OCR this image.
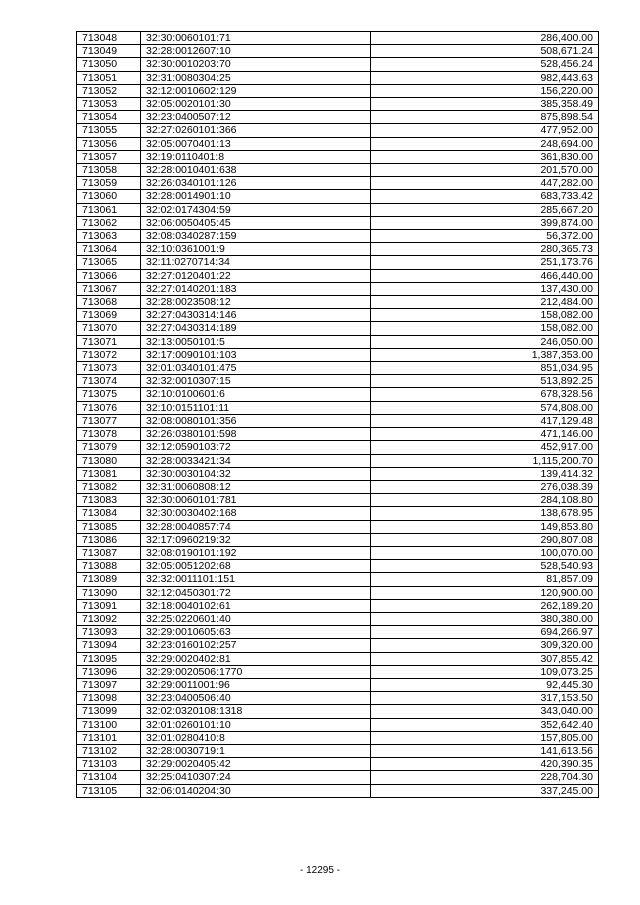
713048	32:30:0060101:71	286,400.00
713049	32:28:0012607:10	508,671.24
713050	32:30:0010203:70	528,456.24
713051	32:31:0080304:25	982,443.63
713052	32:12:0010602:129	156,220.00
713053	32:05:0020101:30	385,358.49
713054	32:23:0400507:12	875,898.54
713055	32:27:0260101:366	477,952.00
713056	32:05:0070401:13	248,694.00
713057	32:19:0110401:8	361,830.00
713058	32:28:0010401:638	201,570.00
713059	32:26:0340101:126	447,282.00
713060	32:28:0014901:10	683,733.42
713061	32:02:0174304:59	285,667.20
713062	32:06:0050405:45	399,874.00
713063	32:08:0340287:159	56,372.00
713064	32:10:0361001:9	280,365.73
713065	32:11:0270714:34	251,173.76
713066	32:27:0120401:22	466,440.00
713067	32:27:0140201:183	137,430.00
713068	32:28:0023508:12	212,484.00
713069	32:27:0430314:146	158,082.00
713070	32:27:0430314:189	158,082.00
713071	32:13:0050101:5	246,050.00
713072	32:17:0090101:103	1,387,353.00
713073	32:01:0340101:475	851,034.95
713074	32:32:0010307:15	513,892.25
713075	32:10:0100601:6	678,328.56
713076	32:10:0151101:11	574,808.00
713077	32:08:0080101:356	417,129.48
713078	32:26:0380101:598	471,146.00
713079	32:12:0590103:72	452,917.00
713080	32:28:0033421:34	1,115,200.70
713081	32:30:0030104:32	139,414.32
713082	32:31:0060808:12	276,038.39
713083	32:30:0060101:781	284,108.80
713084	32:30:0030402:168	138,678.95
713085	32:28:0040857:74	149,853.80
713086	32:17:0960219:32	290,807.08
713087	32:08:0190101:192	100,070.00
713088	32:05:0051202:68	528,540.93
713089	32:32:0011101:151	81,857.09
713090	32:12:0450301:72	120,900.00
713091	32:18:0040102:61	262,189.20
713092	32:25:0220601:40	380,380.00
713093	32:29:0010605:63	694,266.97
713094	32:23:0160102:257	309,320.00
713095	32:29:0020402:81	307,855.42
713096	32:29:0020506:1770	109,073.25
713097	32:29:0011001:96	92,445.30
713098	32:23:0400506:40	317,153.50
713099	32:02:0320108:1318	343,040.00
713100	32:01:0260101:10	352,642.40
713101	32:01:0280410:8	157,805.00
713102	32:28:0030719:1	141,613.56
713103	32:29:0020405:42	420,390.35
713104	32:25:0410307:24	228,704.30
713105	32:06:0140204:30	337,245.00
- 12295 -
